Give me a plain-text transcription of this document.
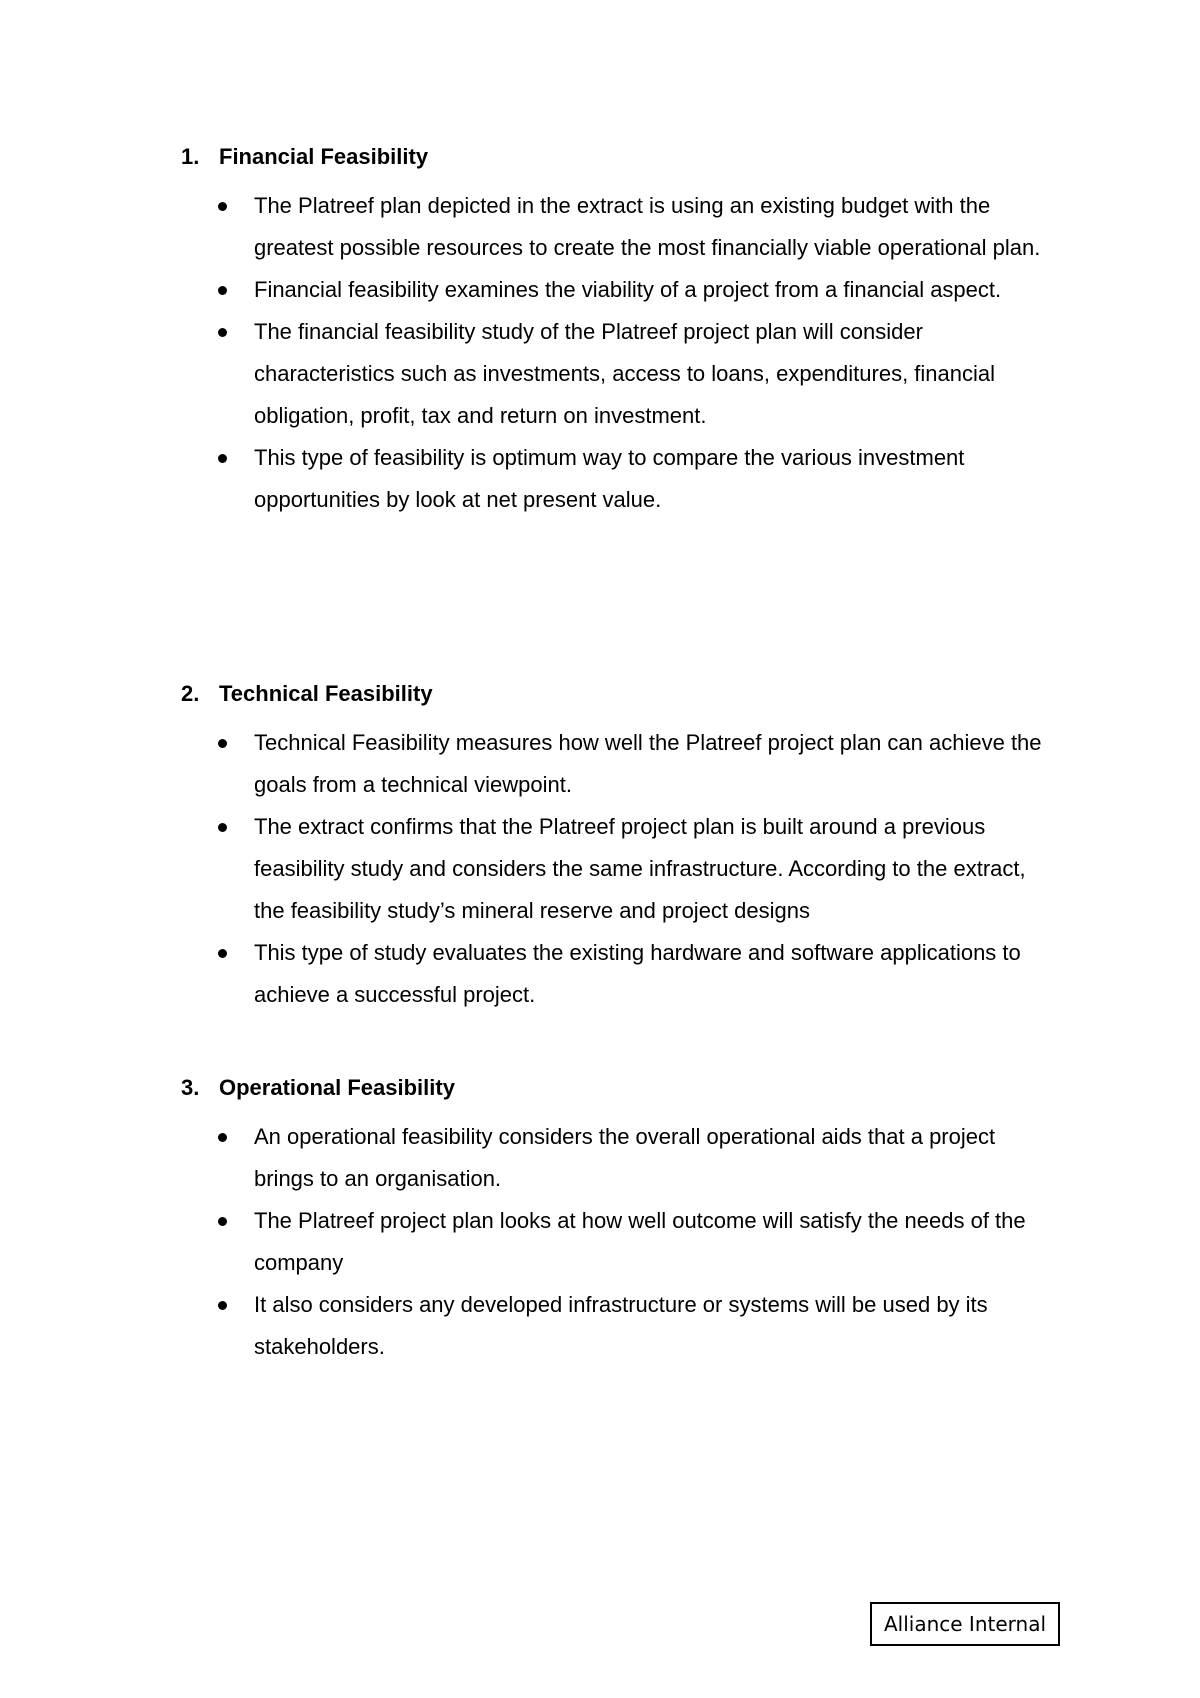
1. Financial Feasibility
The Platreef plan depicted in the extract is using an existing budget with the greatest possible resources to create the most financially viable operational plan.
Financial feasibility examines the viability of a project from a financial aspect.
The financial feasibility study of the Platreef project plan will consider characteristics such as investments, access to loans, expenditures, financial obligation, profit, tax and return on investment.
This type of feasibility is optimum way to compare the various investment opportunities by look at net present value.
2. Technical Feasibility
Technical Feasibility measures how well the Platreef project plan can achieve the goals from a technical viewpoint.
The extract confirms that the Platreef project plan is built around a previous feasibility study and considers the same infrastructure. According to the extract, the feasibility study’s mineral reserve and project designs
This type of study evaluates the existing hardware and software applications to achieve a successful project.
3. Operational Feasibility
An operational feasibility considers the overall operational aids that a project brings to an organisation.
The Platreef project plan looks at how well outcome will satisfy the needs of the company
It also considers any developed infrastructure or systems will be used by its stakeholders.
Alliance Internal
